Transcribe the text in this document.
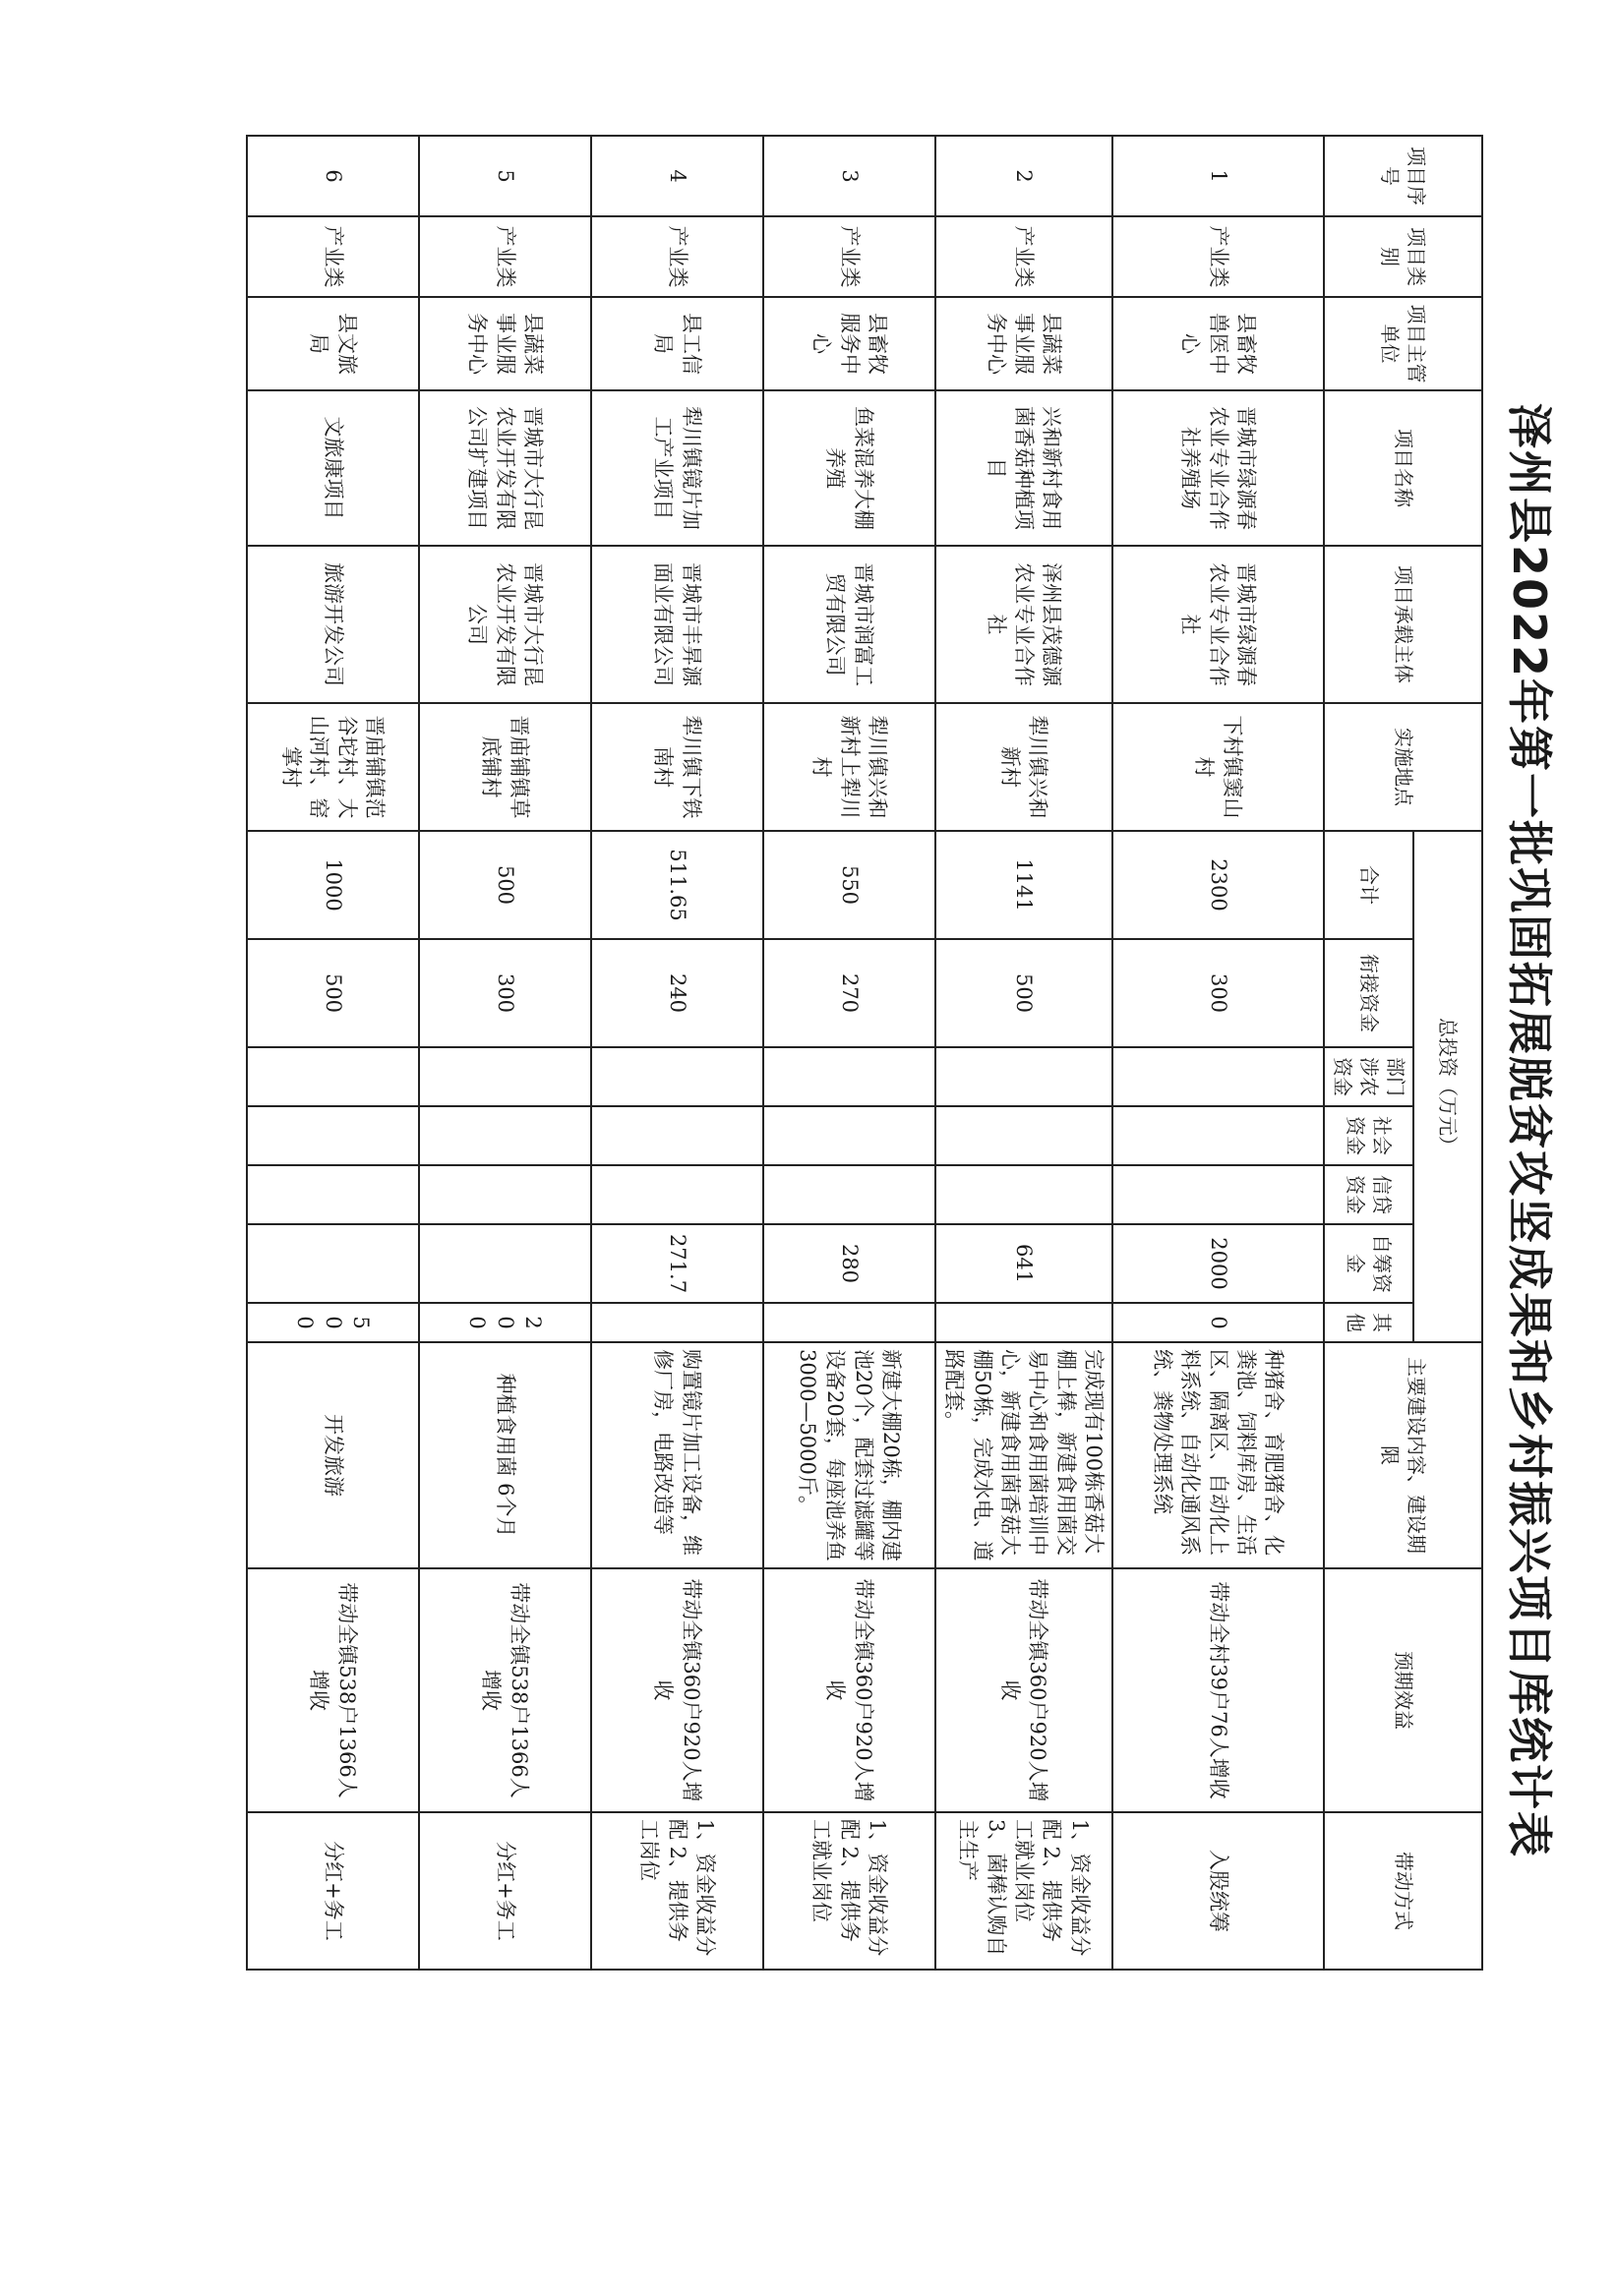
泽州县2022年第一批巩固拓展脱贫攻坚成果和乡村振兴项目库统计表
项目序号	项目类别	项目主管单位	项目名称	项目承载主体	实施地点	总投资（万元）							主要建设内容、建设期限	预期效益	带动方式
						合计	衔接资金	部门涉农资金	社会资金	信贷资金	自筹资金	其他			
1	产业类	县畜牧兽医中心	晋城市绿源春农业专业合作社养殖场	晋城市绿源春农业专业合作社	下村镇窦山村	2300	300				2000	0	种猪舍、育肥猪舍、化粪池、饲料库房、生活区、隔离区、自动化上料系统、自动化通风系统、粪物处理系统	带动全村39户76人增收	入股统筹
2	产业类	县蔬菜事业服务中心	兴和新村食用菌香菇种植项目	泽州县茂德源农业专业合作社	犁川镇兴和新村	1141	500				641		完成现有100栋香菇大棚上棒，新建食用菌交易中心和食用菌培训中心，新建食用菌香菇大棚50栋，完成水电、道路配套。	带动全镇360户920人增收	1、资金收益分配 2、提供务工就业岗位 3、菌棒认购自主生产
3	产业类	县畜牧服务中心	鱼菜混养大棚养殖	晋城市润富工贸有限公司	犁川镇兴和新村上犁川村	550	270				280		新建大棚20栋，棚内建池20个，配套过滤罐等设备20套，每座池养鱼3000—5000斤。	带动全镇360户920人增收	1、资金收益分配 2、提供务工就业岗位
4	产业类	县工信局	犁川镇镜片加工产业项目	晋城市丰昇源面业有限公司	犁川镇下铁南村	511.65	240				271.7		购置镜片加工设备，维修厂房，电路改造等	带动全镇360户920人增收	1、资金收益分配 2、提供务工岗位
5	产业类	县蔬菜事业服务中心	晋城市大行昆农业开发有限公司扩建项目	晋城市大行昆农业开发有限公司	晋庙铺镇草底铺村	500	300					200	种植食用菌 6个月	带动全镇538户1366人增收	分红+务工
6	产业类	县文旅局	文旅康项目	旅游开发公司	晋庙铺镇范谷坨村、大山河村、窑掌村	1000	500					500	开发旅游	带动全镇538户1366人增收	分红+务工
